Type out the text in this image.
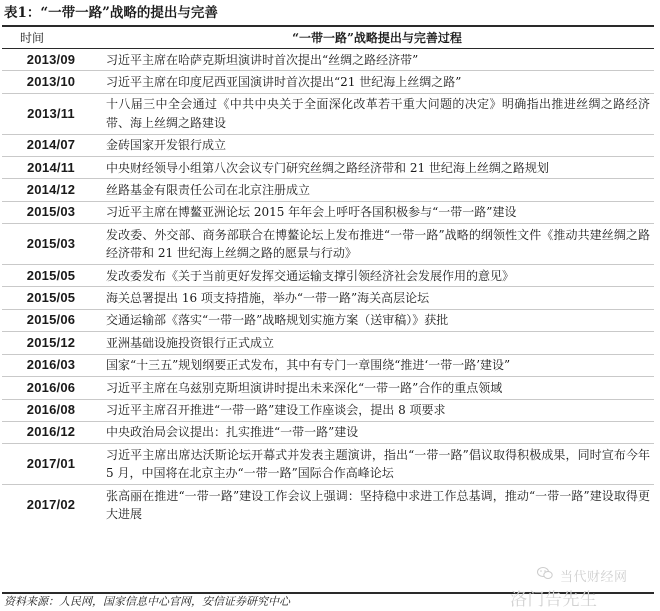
表1：“一带一路”战略的提出与完善
时间	“一带一路”战略提出与完善过程
2013/09	习近平主席在哈萨克斯坦演讲时首次提出“丝绸之路经济带”
2013/10	习近平主席在印度尼西亚国演讲时首次提出“21 世纪海上丝绸之路”
2013/11	十八届三中全会通过《中共中央关于全面深化改革若干重大问题的决定》明确指出推进丝绸之路经济带、海上丝绸之路建设
2014/07	金砖国家开发银行成立
2014/11	中央财经领导小组第八次会议专门研究丝绸之路经济带和 21 世纪海上丝绸之路规划
2014/12	丝路基金有限责任公司在北京注册成立
2015/03	习近平主席在博鳌亚洲论坛 2015 年年会上呼吁各国积极参与“一带一路”建设
2015/03	发改委、外交部、商务部联合在博鳌论坛上发布推进“一带一路”战略的纲领性文件《推动共建丝绸之路经济带和 21 世纪海上丝绸之路的愿景与行动》
2015/05	发改委发布《关于当前更好发挥交通运输支撑引领经济社会发展作用的意见》
2015/05	海关总署提出 16 项支持措施，举办“一带一路”海关高层论坛
2015/06	交通运输部《落实“一带一路”战略规划实施方案（送审稿）》获批
2015/12	亚洲基础设施投资银行正式成立
2016/03	国家“十三五”规划纲要正式发布，其中有专门一章围绕“推进‘一带一路’建设”
2016/06	习近平主席在乌兹别克斯坦演讲时提出未来深化“一带一路”合作的重点领域
2016/08	习近平主席召开推进“一带一路”建设工作座谈会，提出 8 项要求
2016/12	中央政治局会议提出：扎实推进“一带一路”建设
2017/01	习近平主席出席达沃斯论坛开幕式并发表主题演讲，指出“一带一路”倡议取得积极成果，同时宣布今年 5 月，中国将在北京主办“一带一路”国际合作高峰论坛
2017/02	张高丽在推进“一带一路”建设工作会议上强调：坚持稳中求进工作总基调，推动“一带一路”建设取得更大进展
资料来源：人民网，国家信息中心官网，安信证券研究中心
当代财经网
洛门告先生
